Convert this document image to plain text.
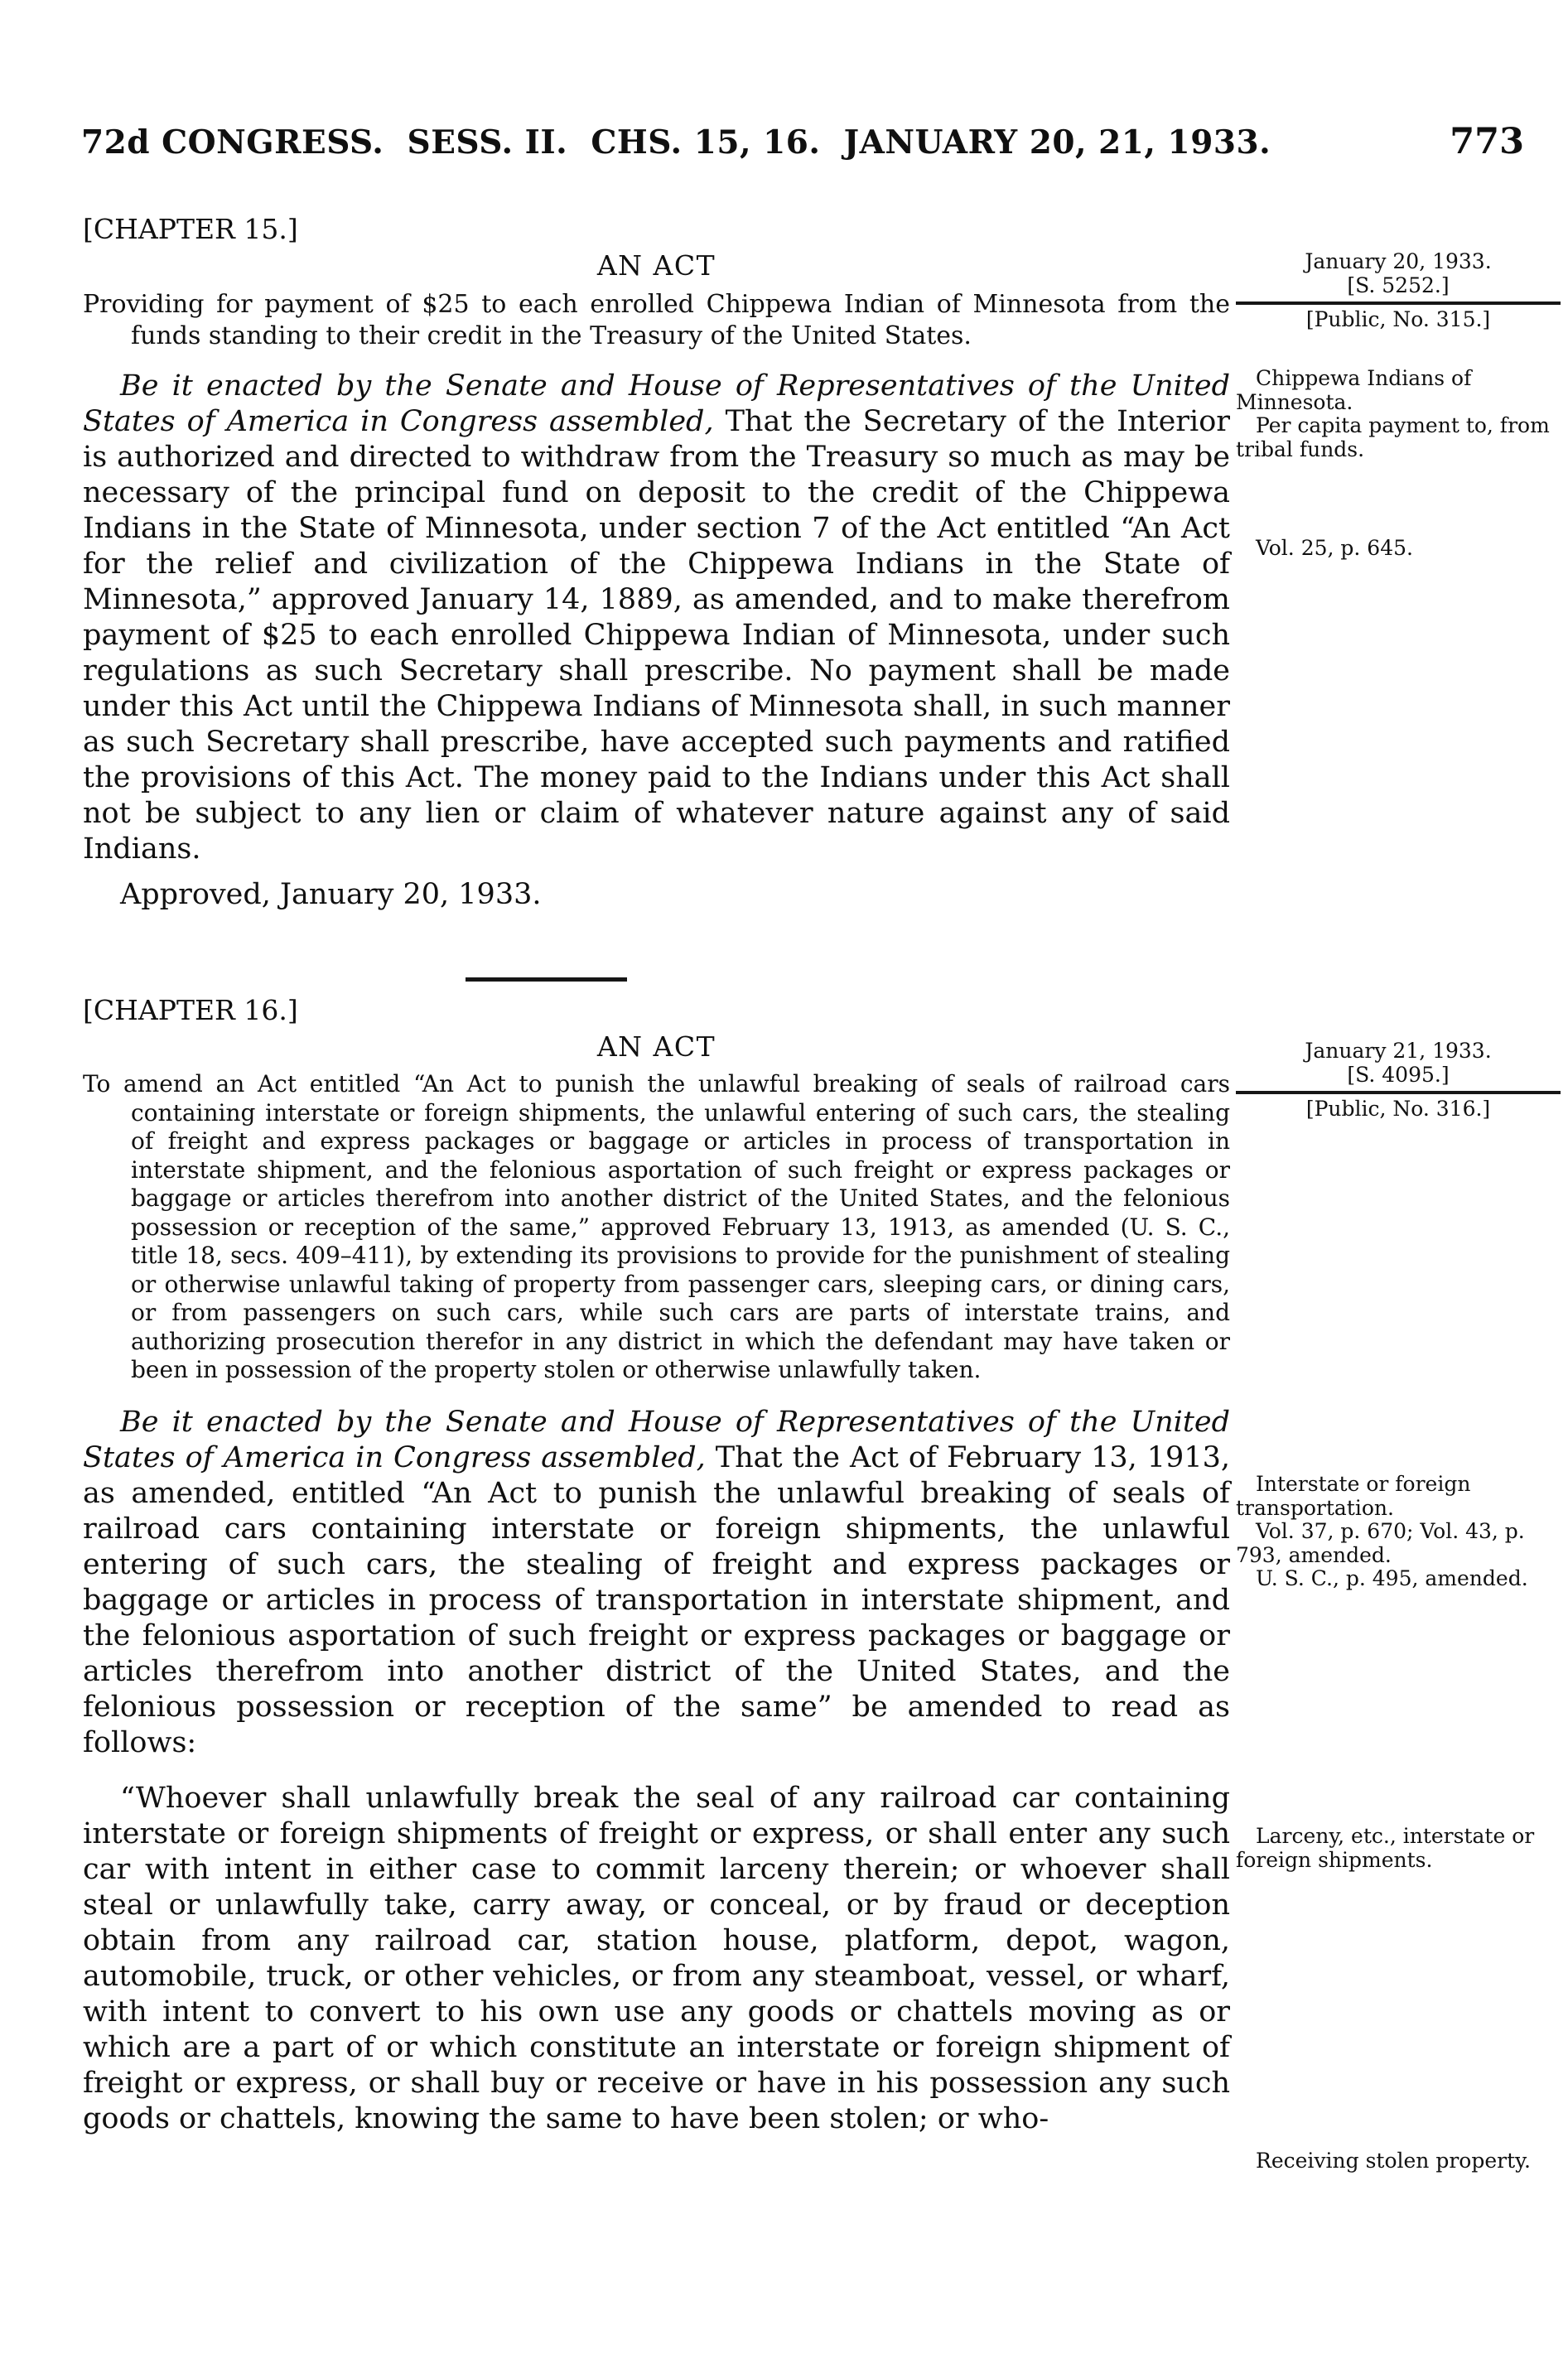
72d CONGRESS.  SESS. II.  CHS. 15, 16.  JANUARY 20, 21, 1933.	773
[CHAPTER 15.]
AN ACT

Providing for payment of $25 to each enrolled Chippewa Indian of Minnesota from the funds standing to their credit in the Treasury of the United States.

Be it enacted by the Senate and House of Representatives of the United States of America in Congress assembled, That the Secretary of the Interior is authorized and directed to withdraw from the Treasury so much as may be necessary of the principal fund on deposit to the credit of the Chippewa Indians in the State of Minnesota, under section 7 of the Act entitled “An Act for the relief and civilization of the Chippewa Indians in the State of Minnesota,” approved January 14, 1889, as amended, and to make therefrom payment of $25 to each enrolled Chippewa Indian of Minnesota, under such regulations as such Secretary shall prescribe. No payment shall be made under this Act until the Chippewa Indians of Minnesota shall, in such manner as such Secretary shall prescribe, have accepted such payments and ratified the provisions of this Act. The money paid to the Indians under this Act shall not be subject to any lien or claim of whatever nature against any of said Indians.

Approved, January 20, 1933.

[CHAPTER 16.]
AN ACT

To amend an Act entitled “An Act to punish the unlawful breaking of seals of railroad cars containing interstate or foreign shipments, the unlawful entering of such cars, the stealing of freight and express packages or baggage or articles in process of transportation in interstate shipment, and the felonious asportation of such freight or express packages or baggage or articles therefrom into another district of the United States, and the felonious possession or reception of the same,” approved February 13, 1913, as amended (U. S. C., title 18, secs. 409–411), by extending its provisions to provide for the punishment of stealing or otherwise unlawful taking of property from passenger cars, sleeping cars, or dining cars, or from passengers on such cars, while such cars are parts of interstate trains, and authorizing prosecution therefor in any district in which the defendant may have taken or been in possession of the property stolen or otherwise unlawfully taken.

Be it enacted by the Senate and House of Representatives of the United States of America in Congress assembled, That the Act of February 13, 1913, as amended, entitled “An Act to punish the unlawful breaking of seals of railroad cars containing interstate or foreign shipments, the unlawful entering of such cars, the stealing of freight and express packages or baggage or articles in process of transportation in interstate shipment, and the felonious asportation of such freight or express packages or baggage or articles therefrom into another district of the United States, and the felonious possession or reception of the same” be amended to read as follows:

“Whoever shall unlawfully break the seal of any railroad car containing interstate or foreign shipments of freight or express, or shall enter any such car with intent in either case to commit larceny therein; or whoever shall steal or unlawfully take, carry away, or conceal, or by fraud or deception obtain from any railroad car, station house, platform, depot, wagon, automobile, truck, or other vehicles, or from any steamboat, vessel, or wharf, with intent to convert to his own use any goods or chattels moving as or which are a part of or which constitute an interstate or foreign shipment of freight or express, or shall buy or receive or have in his possession any such goods or chattels, knowing the same to have been stolen; or who-

January 20, 1933.
[S. 5252.]
[Public, No. 315.]

Chippewa Indians of Minnesota.

Per capita payment to, from tribal funds.

Vol. 25, p. 645.

January 21, 1933.
[S. 4095.]
[Public, No. 316.]

Interstate or foreign transportation.

Vol. 37, p. 670; Vol. 43, p. 793, amended.

U. S. C., p. 495, amended.

Larceny, etc., interstate or foreign shipments.

Receiving stolen property.
